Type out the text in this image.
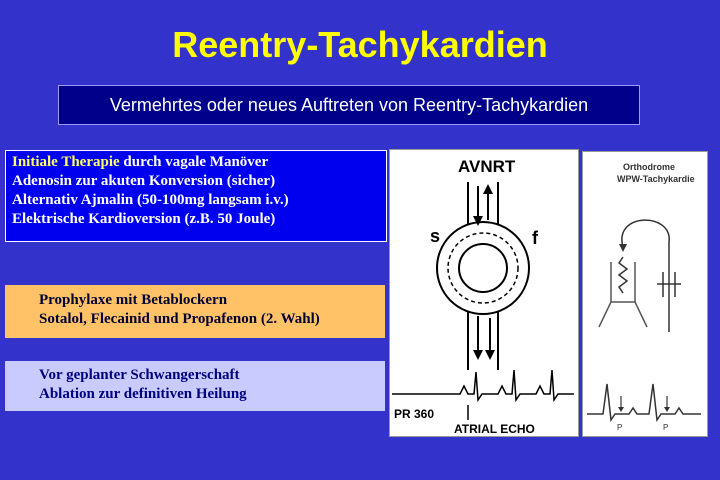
Reentry-Tachykardien
Vermehrtes oder neues Auftreten von Reentry-Tachykardien
Initiale Therapie durch vagale Manöver
Adenosin zur akuten Konversion (sicher)
Alternativ Ajmalin (50-100mg langsam i.v.)
Elektrische Kardioversion (z.B. 50 Joule)
Prophylaxe mit Betablockern
Sotalol, Flecainid und Propafenon (2. Wahl)
Vor geplanter Schwangerschaft
Ablation zur definitiven Heilung
AVNRT
s	f
PR 360
ATRIAL ECHO
Orthodrome
WPW-Tachykardie
P	P
